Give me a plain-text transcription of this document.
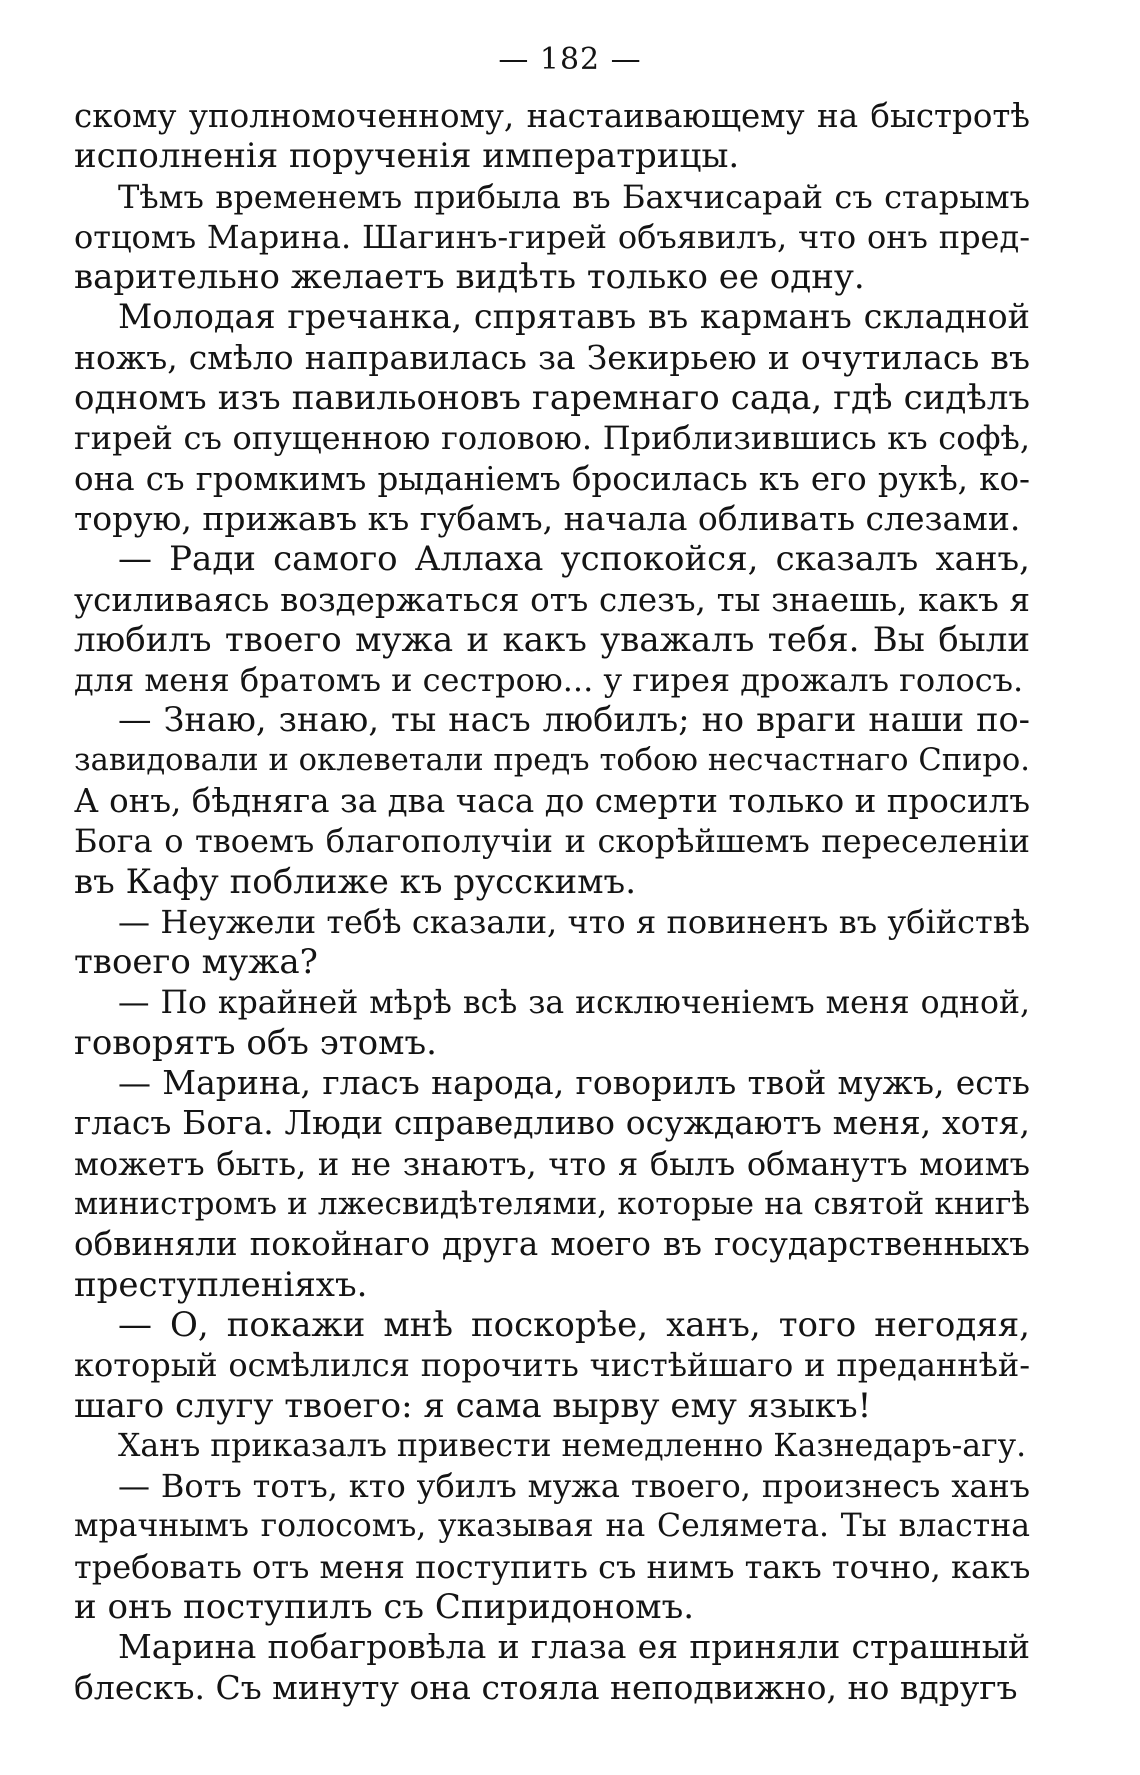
— 182 —
скому уполномоченному, настаивающему на быстротѣ
исполненія порученія императрицы.
Тѣмъ временемъ прибыла въ Бахчисарай съ старымъ
отцомъ Марина. Шагинъ-гирей объявилъ, что онъ пред-
варительно желаетъ видѣть только ее одну.
Молодая гречанка, спрятавъ въ карманъ складной
ножъ, смѣло направилась за Зекирьею и очутилась въ
одномъ изъ павильоновъ гаремнаго сада, гдѣ сидѣлъ
гирей съ опущенною головою. Приблизившись къ софѣ,
она съ громкимъ рыданіемъ бросилась къ его рукѣ, ко-
торую, прижавъ къ губамъ, начала обливать слезами.
— Ради самого Аллаха успокойся, сказалъ ханъ,
усиливаясь воздержаться отъ слезъ, ты знаешь, какъ я
любилъ твоего мужа и какъ уважалъ тебя. Вы были
для меня братомъ и сестрою... у гирея дрожалъ голосъ.
— Знаю, знаю, ты насъ любилъ; но враги наши по-
завидовали и оклеветали предъ тобою несчастнаго Спиро.
А онъ, бѣдняга за два часа до смерти только и просилъ
Бога о твоемъ благополучіи и скорѣйшемъ переселеніи
въ Кафу поближе къ русскимъ.
— Неужели тебѣ сказали, что я повиненъ въ убійствѣ
твоего мужа?
— По крайней мѣрѣ всѣ за исключеніемъ меня одной,
говорятъ объ этомъ.
— Марина, гласъ народа, говорилъ твой мужъ, есть
гласъ Бога. Люди справедливо осуждаютъ меня, хотя,
можетъ быть, и не знаютъ, что я былъ обманутъ моимъ
министромъ и лжесвидѣтелями, которые на святой книгѣ
обвиняли покойнаго друга моего въ государственныхъ
преступленіяхъ.
— О, покажи мнѣ поскорѣе, ханъ, того негодяя,
который осмѣлился порочить чистѣйшаго и преданнѣй-
шаго слугу твоего: я сама вырву ему языкъ!
Ханъ приказалъ привести немедленно Казнедаръ-агу.
— Вотъ тотъ, кто убилъ мужа твоего, произнесъ ханъ
мрачнымъ голосомъ, указывая на Селямета. Ты властна
требовать отъ меня поступить съ нимъ такъ точно, какъ
и онъ поступилъ съ Спиридономъ.
Марина побагровѣла и глаза ея приняли страшный
блескъ. Съ минуту она стояла неподвижно, но вдругъ
